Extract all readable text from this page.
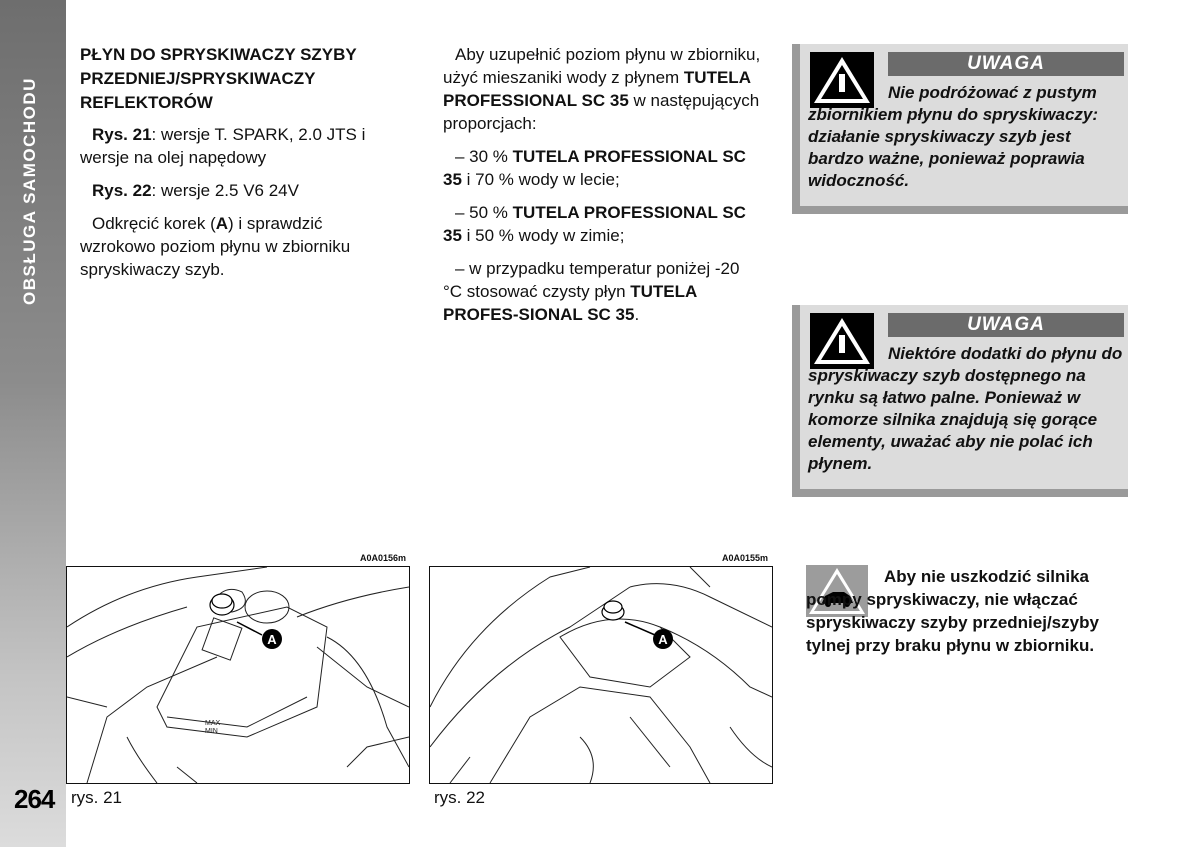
OBSŁUGA SAMOCHODU
264
PŁYN DO SPRYSKIWACZY SZYBY PRZEDNIEJ/SPRYSKIWACZY REFLEKTORÓW

Rys. 21: wersje T. SPARK, 2.0 JTS i wersje na olej napędowy

Rys. 22: wersje 2.5 V6 24V

Odkręcić korek (A) i sprawdzić wzrokowo poziom płynu w zbiorniku spryskiwaczy szyb.

Aby uzupełnić poziom płynu w zbiorniku, użyć mieszaniki wody z płynem TUTELA PROFESSIONAL SC 35 w następujących proporcjach:

– 30 % TUTELA PROFESSIONAL SC 35 i 70 % wody w lecie;

– 50 % TUTELA PROFESSIONAL SC 35 i 50 % wody w zimie;

– w przypadku temperatur poniżej -20 °C stosować czysty płyn TUTELA PROFES-SIONAL SC 35.

UWAGA
Nie podróżować z pustym zbiornikiem płynu do spryskiwaczy: działanie spryskiwaczy szyb jest bardzo ważne, ponieważ poprawia widoczność.
UWAGA
Niektóre dodatki do płynu do spryskiwaczy szyb dostępnego na rynku są łatwo palne. Ponieważ w komorze silnika znajdują się gorące elementy, uważać aby nie polać ich płynem.
Aby nie uszkodzić silnika pompy spryskiwaczy, nie włączać spryskiwaczy szyby przedniej/szyby tylnej przy braku płynu w zbiorniku.
A0A0156m
A
MAX
MIN
rys. 21
A0A0155m
A
rys. 22
